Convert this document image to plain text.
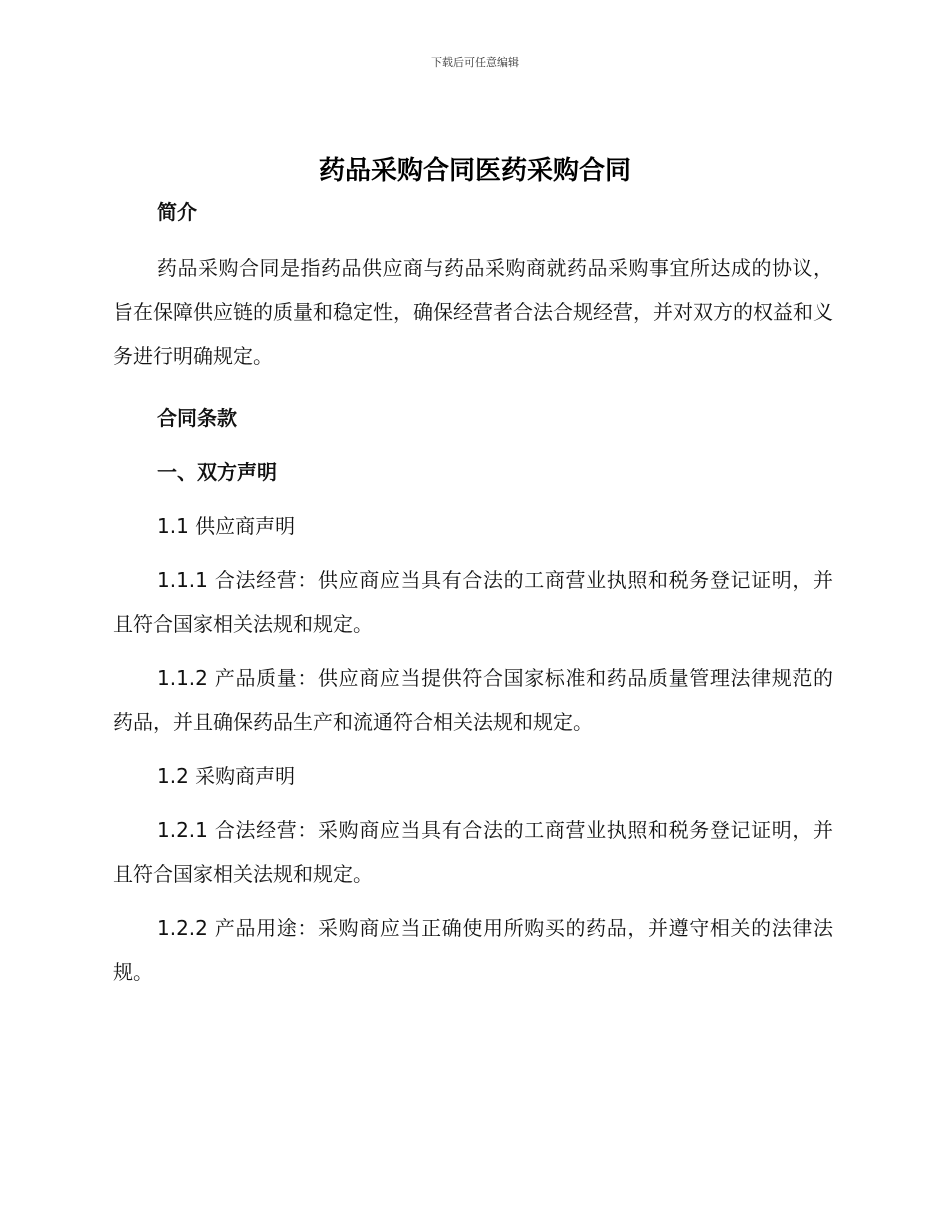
下载后可任意编辑
药品采购合同医药采购合同

简介

药品采购合同是指药品供应商与药品采购商就药品采购事宜所达成的协议，旨在保障供应链的质量和稳定性，确保经营者合法合规经营，并对双方的权益和义务进行明确规定。

合同条款

一、双方声明

1.1 供应商声明

1.1.1 合法经营：供应商应当具有合法的工商营业执照和税务登记证明，并且符合国家相关法规和规定。

1.1.2 产品质量：供应商应当提供符合国家标准和药品质量管理法律规范的药品，并且确保药品生产和流通符合相关法规和规定。

1.2 采购商声明

1.2.1 合法经营：采购商应当具有合法的工商营业执照和税务登记证明，并且符合国家相关法规和规定。

1.2.2 产品用途：采购商应当正确使用所购买的药品，并遵守相关的法律法规。
